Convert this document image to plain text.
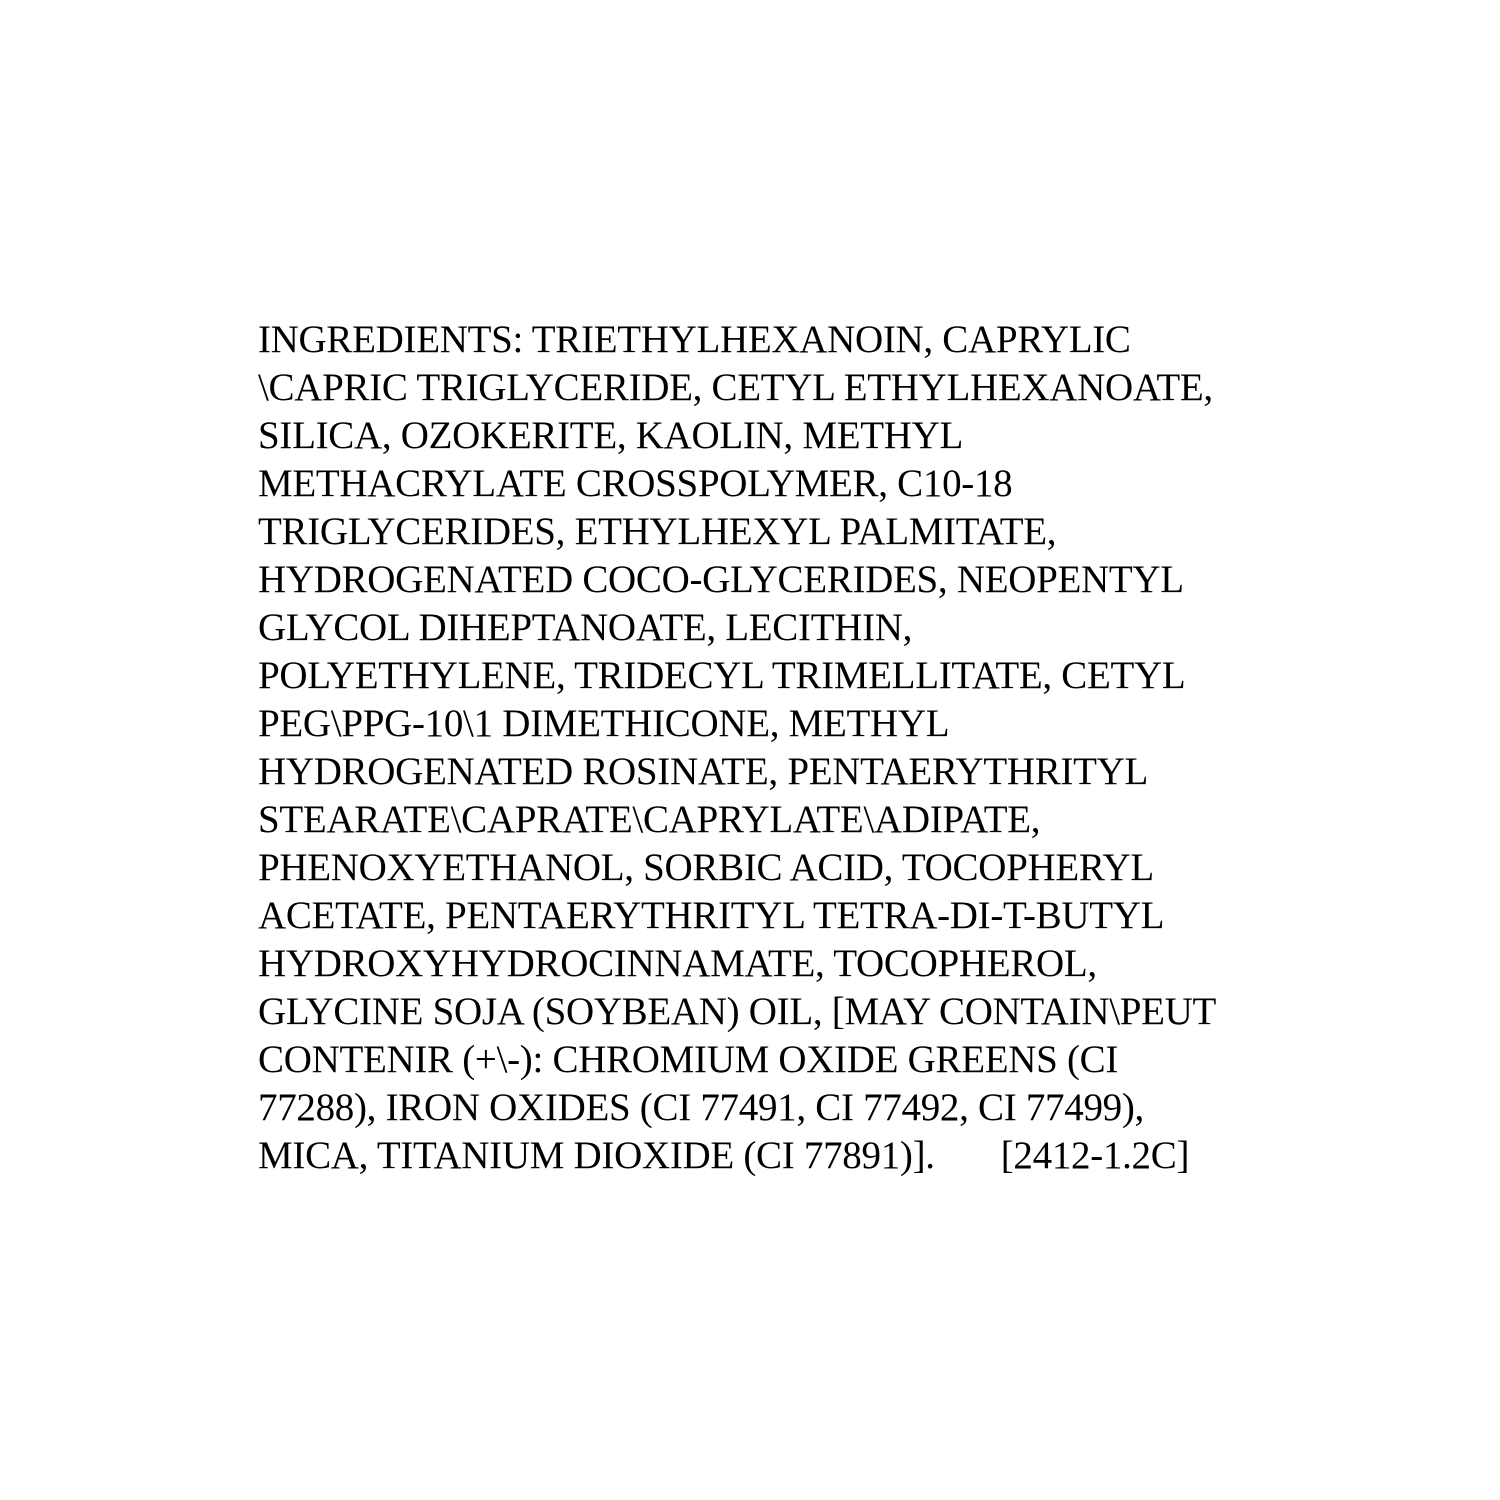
INGREDIENTS: TRIETHYLHEXANOIN, CAPRYLIC
\CAPRIC TRIGLYCERIDE, CETYL ETHYLHEXANOATE,
SILICA, OZOKERITE, KAOLIN, METHYL
METHACRYLATE CROSSPOLYMER, C10-18
TRIGLYCERIDES, ETHYLHEXYL PALMITATE,
HYDROGENATED COCO-GLYCERIDES, NEOPENTYL
GLYCOL DIHEPTANOATE, LECITHIN,
POLYETHYLENE, TRIDECYL TRIMELLITATE, CETYL
PEG\PPG-10\1 DIMETHICONE, METHYL
HYDROGENATED ROSINATE, PENTAERYTHRITYL
STEARATE\CAPRATE\CAPRYLATE\ADIPATE,
PHENOXYETHANOL, SORBIC ACID, TOCOPHERYL
ACETATE, PENTAERYTHRITYL TETRA-DI-T-BUTYL
HYDROXYHYDROCINNAMATE, TOCOPHEROL,
GLYCINE SOJA (SOYBEAN) OIL, [MAY CONTAIN\PEUT
CONTENIR (+\-): CHROMIUM OXIDE GREENS (CI
77288), IRON OXIDES (CI 77491, CI 77492, CI 77499),
MICA, TITANIUM DIOXIDE (CI 77891)]. [2412-1.2C]
